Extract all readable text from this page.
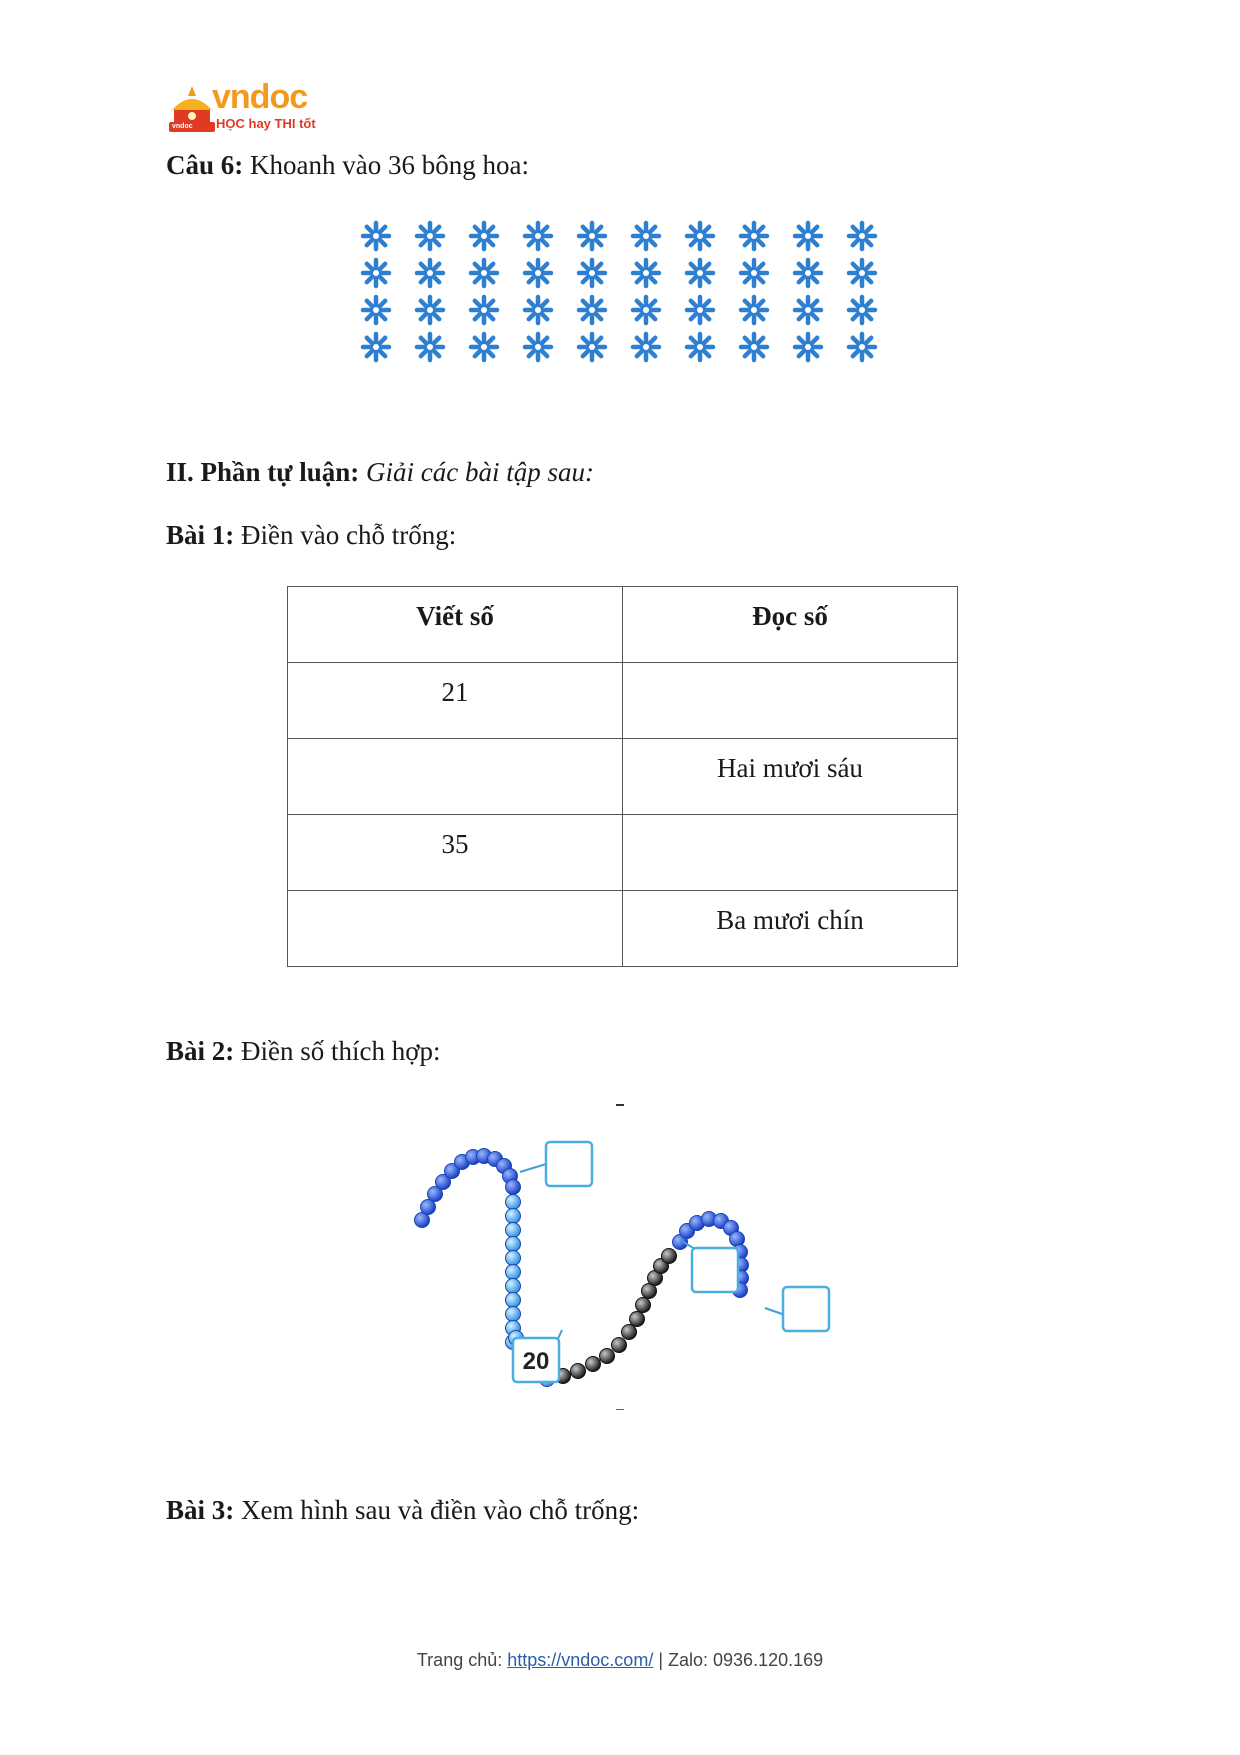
vndoc
vndoc
HỌC hay THI tốt
Câu 6: Khoanh vào 36 bông hoa:
II. Phần tự luận: Giải các bài tập sau:
Bài 1: Điền vào chỗ trống:
Viết số	Đọc số

21	

	Hai mươi sáu

35	

	Ba mươi chín
Bài 2: Điền số thích hợp:
20
Bài 3: Xem hình sau và điền vào chỗ trống:
Trang chủ: https://vndoc.com/ | Zalo: 0936.120.169
